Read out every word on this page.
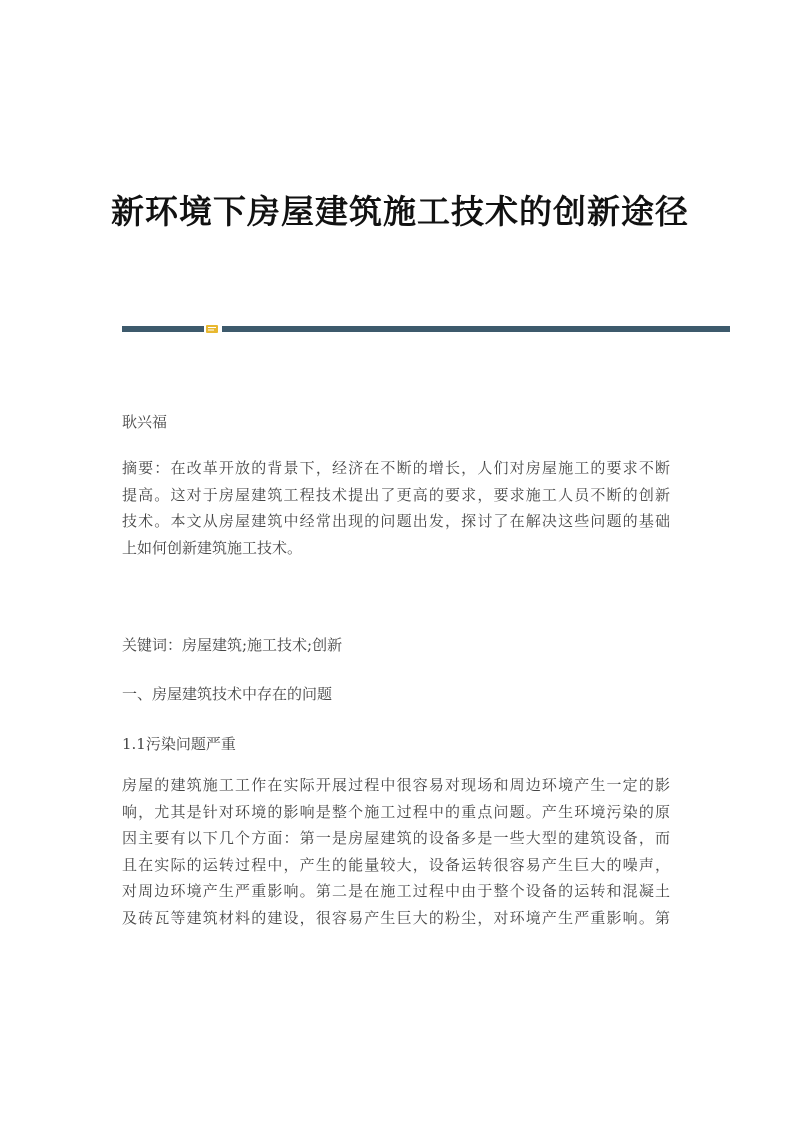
新环境下房屋建筑施工技术的创新途径
耿兴福
摘要：在改革开放的背景下，经济在不断的增长，人们对房屋施工的要求不断
提高。这对于房屋建筑工程技术提出了更高的要求，要求施工人员不断的创新
技术。本文从房屋建筑中经常出现的问题出发，探讨了在解决这些问题的基础
上如何创新建筑施工技术。
关键词：房屋建筑;施工技术;创新
一、房屋建筑技术中存在的问题
1.1污染问题严重
房屋的建筑施工工作在实际开展过程中很容易对现场和周边环境产生一定的影
响，尤其是针对环境的影响是整个施工过程中的重点问题。产生环境污染的原
因主要有以下几个方面：第一是房屋建筑的设备多是一些大型的建筑设备，而
且在实际的运转过程中，产生的能量较大，设备运转很容易产生巨大的噪声，
对周边环境产生严重影响。第二是在施工过程中由于整个设备的运转和混凝土
及砖瓦等建筑材料的建设，很容易产生巨大的粉尘，对环境产生严重影响。第
